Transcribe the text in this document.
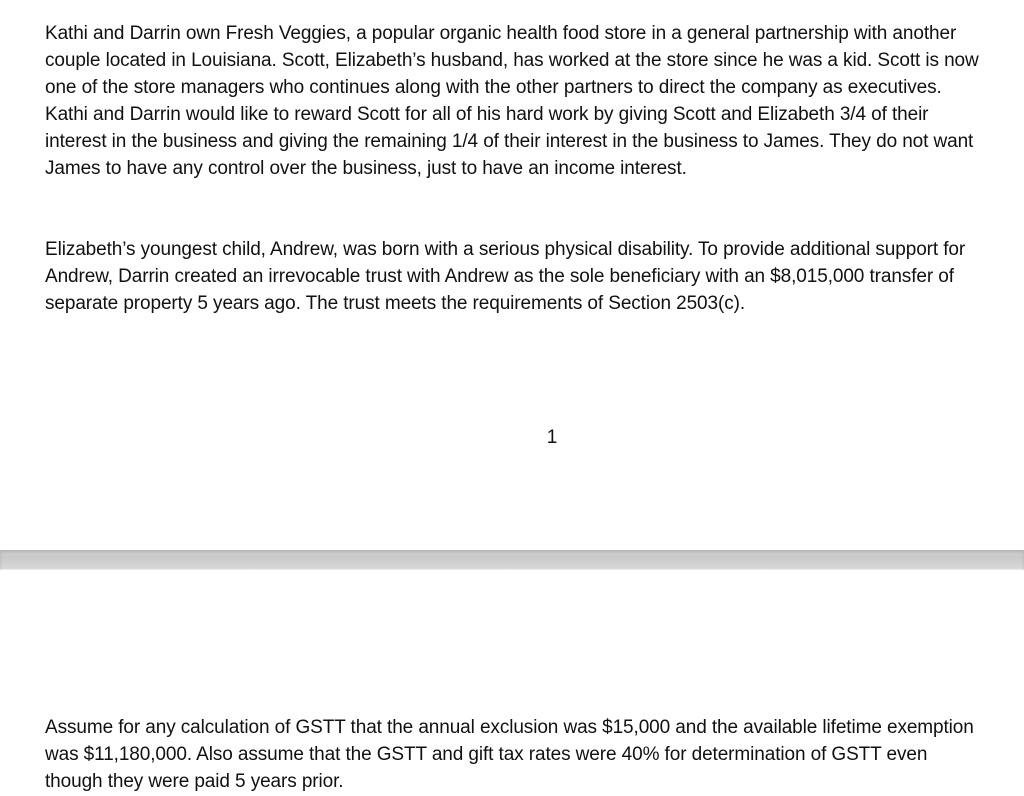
Kathi and Darrin own Fresh Veggies, a popular organic health food store in a general partnership with another couple located in Louisiana. Scott, Elizabeth’s husband, has worked at the store since he was a kid. Scott is now one of the store managers who continues along with the other partners to direct the company as executives. Kathi and Darrin would like to reward Scott for all of his hard work by giving Scott and Elizabeth 3/4 of their interest in the business and giving the remaining 1/4 of their interest in the business to James. They do not want James to have any control over the business, just to have an income interest.

Elizabeth’s youngest child, Andrew, was born with a serious physical disability. To provide additional support for Andrew, Darrin created an irrevocable trust with Andrew as the sole beneficiary with an $8,015,000 transfer of separate property 5 years ago. The trust meets the requirements of Section 2503(c).

1

Assume for any calculation of GSTT that the annual exclusion was $15,000 and the available lifetime exemption was $11,180,000. Also assume that the GSTT and gift tax rates were 40% for determination of GSTT even though they were paid 5 years prior.
